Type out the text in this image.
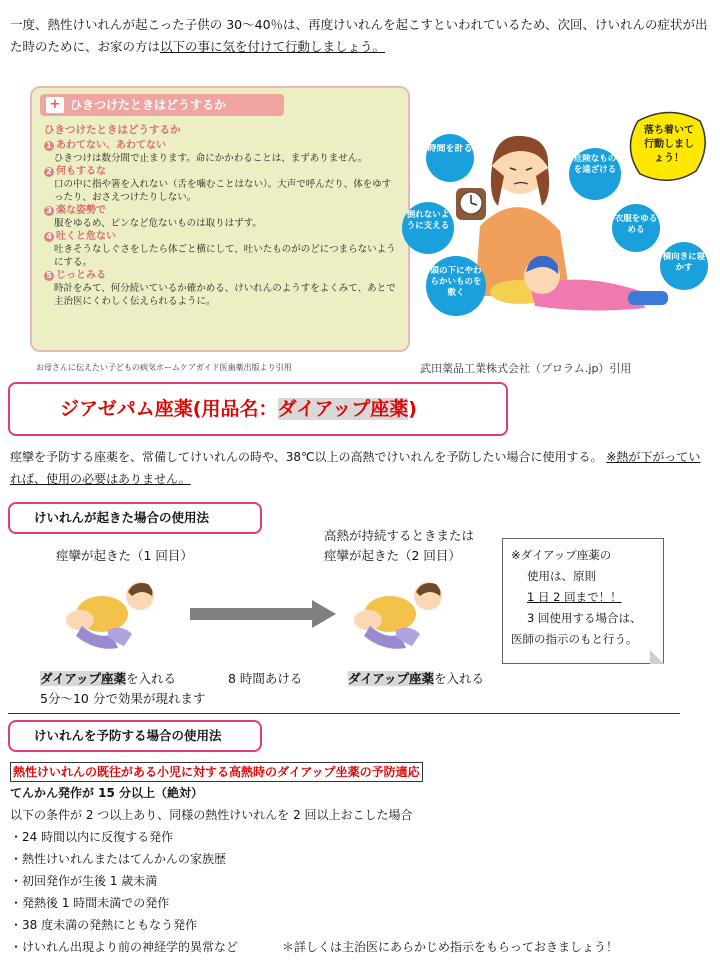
一度、熱性けいれんが起こった子供の 30～40％は、再度けいれんを起こすといわれているため、次回、けいれんの症状が出た時のために、お家の方は以下の事に気を付けて行動しましょう。
+ ひきつけたときはどうするか
ひきつけたときはどうするか
1 あわてない、あわてない
ひきつけは数分間で止まります。命にかかわることは、まずありません。
2 何もするな
口の中に指や箸を入れない（舌を噛むことはない）。大声で呼んだり、体をゆすったり、おさえつけたりしない。
3 楽な姿勢で
服をゆるめ、ピンなど危ないものは取りはずす。
4 吐くと危ない
吐きそうなしぐさをしたら体ごと横にして、吐いたものがのどにつまらないようにする。
5 じっとみる
時計をみて、何分続いているか確かめる、けいれんのようすをよくみて、あとで主治医にくわしく伝えられるように。
お母さんに伝えたい子どもの病気ホームケアガイド医歯薬出版より引用
時間を計る
倒れないように支える
頭の下にやわらかいものを敷く
危険なものを遠ざける
衣服をゆるめる
横向きに寝かす
落ち着いて行動しましょう！
武田薬品工業株式会社（プロラム.jp）引用
ジアゼパム座薬(用品名：ダイアップ座薬)
痙攣を予防する座薬を、常備してけいれんの時や、38℃以上の高熱でけいれんを予防したい場合に使用する。 ※熱が下がっていれば、使用の必要はありません。
けいれんが起きた場合の使用法
痙攣が起きた（1 回目）
高熱が持続するときまたは
痙攣が起きた（2 回目）
ダイアップ座薬を入れる	8 時間あける	ダイアップ座薬を入れる
5分～10 分で効果が現れます
※ダイアップ座薬の
使用は、原則
1 日 2 回まで！！
3 回使用する場合は、
医師の指示のもと行う。
けいれんを予防する場合の使用法
熱性けいれんの既往がある小児に対する高熱時のダイアップ坐薬の予防適応
てんかん発作が 15 分以上（絶対）
以下の条件が 2 つ以上あり、同様の熱性けいれんを 2 回以上おこした場合
・24 時間以内に反復する発作
・熱性けいれんまたはてんかんの家族歴
・初回発作が生後 1 歳未満
・発熱後 1 時間未満での発作
・38 度未満の発熱にともなう発作
・けいれん出現より前の神経学的異常など	＊詳しくは主治医にあらかじめ指示をもらっておきましょう！
